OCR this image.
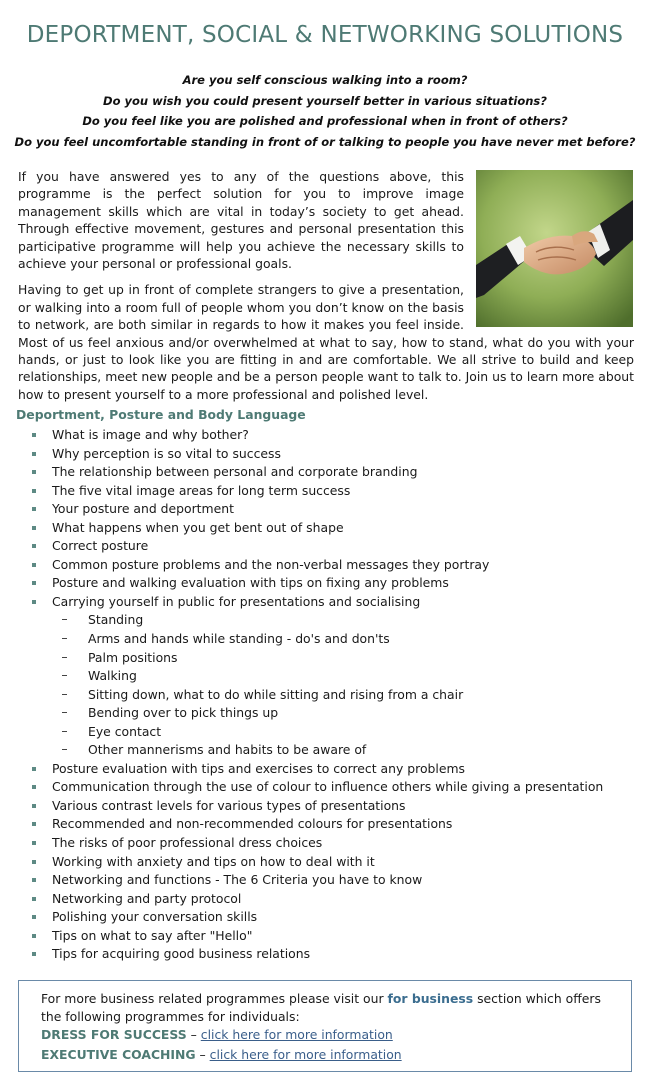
DEPORTMENT, SOCIAL & NETWORKING SOLUTIONS
Are you self conscious walking into a room?
Do you wish you could present yourself better in various situations?
Do you feel like you are polished and professional when in front of others?
Do you feel uncomfortable standing in front of or talking to people you have never met before?

If you have answered yes to any of the questions above, this programme is the perfect solution for you to improve image management skills which are vital in today’s society to get ahead. Through effective movement, gestures and personal presentation this participative programme will help you achieve the necessary skills to achieve your personal or professional goals.

Having to get up in front of complete strangers to give a presentation, or walking into a room full of people whom you don’t know on the basis to network, are both similar in regards to how it makes you feel inside. Most of us feel anxious and/or overwhelmed at what to say, how to stand, what do you with your hands, or just to look like you are fitting in and are comfortable. We all strive to build and keep relationships, meet new people and be a person people want to talk to. Join us to learn more about how to present yourself to a more professional and polished level.

Deportment, Posture and Body Language
What is image and why bother?
Why perception is so vital to success
The relationship between personal and corporate branding
The five vital image areas for long term success
Your posture and deportment
What happens when you get bent out of shape
Correct posture
Common posture problems and the non-verbal messages they portray
Posture and walking evaluation with tips on fixing any problems
Carrying yourself in public for presentations and socialising
Standing
Arms and hands while standing - do's and don'ts
Palm positions
Walking
Sitting down, what to do while sitting and rising from a chair
Bending over to pick things up
Eye contact
Other mannerisms and habits to be aware of
Posture evaluation with tips and exercises to correct any problems
Communication through the use of colour to influence others while giving a presentation
Various contrast levels for various types of presentations
Recommended and non-recommended colours for presentations
The risks of poor professional dress choices
Working with anxiety and tips on how to deal with it
Networking and functions - The 6 Criteria you have to know
Networking and party protocol
Polishing your conversation skills
Tips on what to say after "Hello"
Tips for acquiring good business relations

For more business related programmes please visit our for business section which offers the following programmes for individuals:

DRESS FOR SUCCESS – click here for more information
EXECUTIVE COACHING – click here for more information
